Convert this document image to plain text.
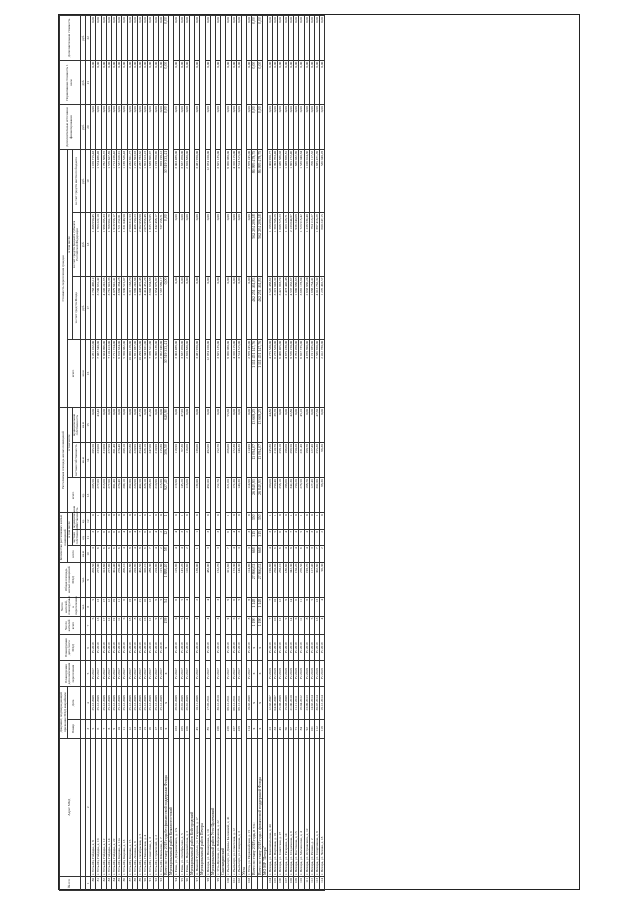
№ п/п	Адрес МКД	Документ, подтверждающий признание МКД аварийным		Планируемая дата окончания переселения	Планируемая дата сноса МКД	Число жителей всего	Число жителей, планируемых к переселению	Общая площадь жилых помещений МКД	Количество расселяемых жилых помещений			Расселяемая площадь жилых помещений			Стоимость переселения граждан				Дополнительные источники финансирования	Нормативная стоимость 1 кв.м	Дополнительная стоимость
		Номер	Дата						всего	в том числе		всего	в том числе		всего	в том числе					
										частная собственность	муниципальная собственность		частная собственность	муниципальная собственность		за счет средств Фонда	за счет средств бюджета субъекта Российской Федерации	за счет средств местного бюджета			
							чел.	чел.	кв.м	ед.	ед.	ед.	кв.м	кв.м	кв.м	руб.	руб.	руб.	руб.	руб.	руб.
1	2	3	4	5	6	7	8	9	10	11	12	13	14	15	16	17	18	19	20	21	22
80	г. Усть-Ил, Гайдара, д. 8	5	25.12.2008	IV.2017	IV.2019	5	5	205,50	3	3	0	205,50	205,50	0,00	5 261 162,00	2 783 496,12	1 308 950,45	1 168 715,43	0,00	0,00	0,00
81	г. Усть-Ил, Гайдара, д. 10	6	25.12.2008	IV.2017	IV.2019	13	13	277,00	6	5	1	277,00	233,60	43,40	7 087 340,00	3 749 631,42	1 763 222,10	1 574 486,48	0,00	0,00	0,00
82	г. Усть-Ил, Гайдара, д. 12	7	25.12.2008	IV.2017	IV.2019	17	17	313,60	6	6	0	313,60	313,60	0,00	8 024 096,00	4 245 241,95	1 996 285,33	1 782 568,72	0,00	0,00	0,00
83	г. Усть-Ил, Гайдара, д. 14	8	25.12.2008	IV.2017	IV.2019	12	12	277,90	6	6	0	277,90	277,90	0,00	7 110 413,00	3 761 822,36	1 768 962,79	1 579 627,85	0,00	0,00	0,00
84	г. Усть-Ил, Гайдара, д. 22	9	25.12.2008	IV.2017	IV.2019	19	19	301,40	6	6	0	301,40	301,40	0,00	7 711 724,00	4 079 941,41	1 918 556,17	1 713 226,42	0,00	0,00	0,00
85	г. Усть-Ил, Кирова, д. 11а	10	25.12.2008	IV.2017	IV.2019	11	11	270,40	6	6	0	270,40	270,40	0,00	6 918 634,00	3 660 364,28	1 721 252,81	1 537 016,91	0,00	0,00	0,00
86	г. Усть-Ил, Кирова, д. 13	11	25.12.2008	IV.2017	IV.2019	6	6	209,10	4	4	0	209,10	209,10	0,00	5 350 082,00	2 830 515,07	1 331 040,50	1 188 526,43	0,00	0,00	0,00
87	г. Усть-Ил, Кирова, д. 15	12	25.12.2008	IV.2017	IV.2019	18	18	392,80	8	8	0	392,80	392,80	0,00	10 050 128,00	5 317 163,70	2 500 312,53	2 232 651,77	0,00	0,00	0,00
88	г. Усть-Ил, Ленина, д. 6	13	25.12.2008	IV.2017	IV.2019	8	8	220,90	4	4	0	220,90	220,90	0,00	5 651 987,00	2 990 242,84	1 406 150,23	1 255 593,93	0,00	0,00	0,00
89	г. Усть-Ил, Октябрьская, д. 5	14	25.12.2008	IV.2017	IV.2019	21	21	402,50	8	7	1	402,50	354,80	47,70	10 298 315,00	5 448 472,48	2 562 058,90	2 287 783,62	0,00	0,00	0,00
90	г. Усть-Ил, Пионерская, д. 4	15	25.12.2008	IV.2017	IV.2019	16	16	326,10	6	6	0	326,10	326,10	0,00	8 343 921,00	4 414 451,29	2 075 856,48	1 853 613,23	0,00	0,00	0,00
91	г. Усть-Ил, Советская, д. 3	16	25.12.2008	IV.2017	IV.2019	12	12	288,30	7	6	1	288,30	247,00	41,30	7 376 511,00	3 902 634,98	1 835 179,05	1 638 696,97	0,00	0,00	0,00
92	г. Усть-Ил, Строителей, д. 2	17	25.12.2008	IV.2017	IV.2019	9	9	210,90	4	4	0	210,90	210,90	0,00	5 396 139,00	2 854 879,87	1 342 498,17	1 198 760,96	0,00	0,00	0,00
93	г. Усть-Ил, Школьная, д. 7	18	25.12.2008	IV.2017	IV.2019	5	5	115,80	2	2	0	115,80	115,80	0,00	2 962 946,00	1 567 589,17	737 158,71	658 198,12	0,00	0,00	0,00
	Всего по этапу 2018 года без финансовой поддержки Фонда	x	x	x	x	159	54	1 888,40	58	12	1	927,40	306,50	620,90	30 519 333,41	0,00	0,00	30 519 333,41	0,00	0,00	0,00
	Муниципальный район Княжпогостский																				
94	г. Емва, ул. Дзержинского, д. 17а	163	29.01.2008	IV.2017	IV.2019	6	6	119,90	4	4	0	119,90	119,90	0,00	3 003 488,00	0,00	0,00	3 003 488,00	0,00	0,00	0,00
95	г. Емва, ул. Октябрьская, д. 5	165	29.01.2008	IV.2017	IV.2019	5	5	145,20	4	3	1	145,20	97,30	47,90	3 637 260,00	0,00	0,00	3 637 260,00	0,00	0,00	0,00
96	г. Емва, ул. Первомайская, д. 3	166	29.01.2008	IV.2017	IV.2019	4	4	116,60	2	2	0	116,60	116,60	0,00	2 920 830,00	0,00	0,00	2 920 830,00	0,00	0,00	0,00
	Муниципальный район Койгородский																				
97	п. Нижний Турунъю, ул. Гагарина, д. 17	45	10.11.2006	IV.2017	IV.2019	2	2	139,00	1	1	0	139,00	139,00	0,00	3 481 950,00	0,00	0,00	3 481 950,00	0,00	0,00	0,00
	Муниципальный район Печора																				
98	г. Печора, ул. Пионерская, д. 10	85	17.05.2011	IV.2017	IV.2019	4	4	482,00	3	3	0	482,00	482,00	0,00	12 074 100,00	0,00	0,00	12 074 100,00	0,00	0,00	0,00
	Муниципальный район Усть-Цилемский																				
99	с. Усть-Цильма, ул. Набережная, д. 22	106	30.12.2010	IV.2017	IV.2019	3	3	152,70	3	3	0	152,70	152,70	0,00	3 825 135,00	0,00	0,00	3 825 135,00	0,00	0,00	0,00
	Сыктывдинский																				
100	с. Выльгорт, ул. Домны Каликовой, д. 41	226	09.12.2011	IV.2017	IV.2019	9	9	321,60	7	6	1	321,60	266,00	55,60	8 056 080,00	0,00	0,00	8 056 080,00	0,00	0,00	0,00
101	с. Выльгорт, ул. Советская, д. 12	227	09.12.2011	IV.2017	IV.2019	6	6	172,30	4	4	0	172,30	172,30	0,00	4 316 115,00	0,00	0,00	4 316 115,00	0,00	0,00	0,00
102	с. Выльгорт, ул. Северная, д. 3	228	09.12.2011	IV.2017	IV.2019	5	5	140,30	3	3	0	140,30	140,30	0,00	3 514 515,00	0,00	0,00	3 514 515,00	0,00	0,00	0,00
	Ухта																				
103	г. Ухта, ул. Первомайская, д. 15	114	18.02.2009	IV.2017	IV.2019	8	8	114,90	3	3	0	114,90	114,90	0,00	2 878 245,00	0,00	0,00	2 878 245,00	0,00	0,00	0,00
	Всего по этапу 2018 года, в т.ч.:	x	x	x	x	1 190	1 148	27 866,02	668	315	350	26 840,93	13 094,07	13 669,25	1 111 451 147,76	462 251 461,83	562 204 206,18	86 995 479,75	0,00	0,00	0,00
	Всего по этапу 2018 года с финансовой поддержкой Фонда	x	x	x	x	1 190	1 148	27 866,02	668	315	350	26 840,93	13 094,07	13 669,25	1 111 451 147,76	462 251 461,83	562 204 206,18	86 995 479,75	0,00	0,00	0,00
	МО МР "Печора"																				
104	г. Печора, ул. Комсомольская, д. 44	23	12.02.2007	IV.2018	IV.2019	7	7	190,60	4	3	1	190,60	145,80	44,80	4 775 530,00	2 526 488,62	1 188 090,61	1 060 950,77	0,00	0,00	0,00
105	г. Печора, ул. Портовая, д. 10	33	04.06.2007	IV.2018	IV.2019	10	10	250,40	6	5	1	250,40	210,70	39,70	6 273 520,00	3 319 048,32	1 560 708,28	1 393 763,40	0,00	0,00	0,00
106	г. Печора, ул. Советская, д. 27	45	25.08.2008	IV.2018	IV.2019	12	12	258,10	6	6	0	258,10	258,10	0,00	6 466 405,00	3 421 093,74	1 608 725,23	1 436 586,03	0,00	0,00	0,00
107	г. Печора, ул. Гагарина, д. 14	56	15.03.2009	IV.2018	IV.2019	9	9	186,60	4	4	0	186,60	186,60	0,00	4 675 230,00	2 473 446,48	1 163 123,71	1 038 659,81	0,00	0,00	0,00
108	г. Печора, ул. Стадионная, д. 6	67	21.06.2010	IV.2018	IV.2019	14	14	342,30	8	7	1	342,30	299,50	42,80	8 576 250,00	4 537 332,67	2 133 644,87	1 905 272,46	0,00	0,00	0,00
109	г. Печора, ул. Восточная, д. 15	71	11.11.2011	IV.2018	IV.2019	6	6	150,20	4	4	0	150,20	150,20	0,00	3 763 260,00	1 990 986,63	936 240,68	836 032,69	0,00	0,00	0,00
110	г. Печора, ул. Московская, д. 4	84	19.04.2012	IV.2018	IV.2019	11	11	276,50	6	5	1	276,50	231,40	45,10	6 927 735,00	3 665 178,94	1 723 515,42	1 539 040,64	0,00	0,00	0,00
111	г. Печора, ул. Островского, д. 12	92	23.09.2013	IV.2018	IV.2019	8	8	198,70	4	4	0	198,70	198,70	0,00	4 978 390,00	2 633 836,24	1 238 539,40	1 106 014,36	0,00	0,00	0,00
112	г. Печора, ул. Речная, д. 2	101	14.02.2014	IV.2018	IV.2019	5	5	127,40	3	3	0	127,40	127,40	0,00	3 191 985,00	1 688 754,41	794 113,27	709 117,32	0,00	0,00	0,00
113	г. Печора, ул. Спортивная, д. 9	112	30.07.2014	IV.2018	IV.2019	13	13	302,80	7	6	1	302,80	255,30	47,50	7 586 650,00	4 013 762,32	1 887 416,29	1 685 471,39	0,00	0,00	0,00
114	г. Печора, ул. Чехова, д. 18	119	18.12.2014	IV.2018	IV.2019	4	4	96,30	2	2	0	96,30	96,30	0,00	2 412 780,00	1 276 492,57	600 247,15	536 040,28	0,00	0,00	0,00
